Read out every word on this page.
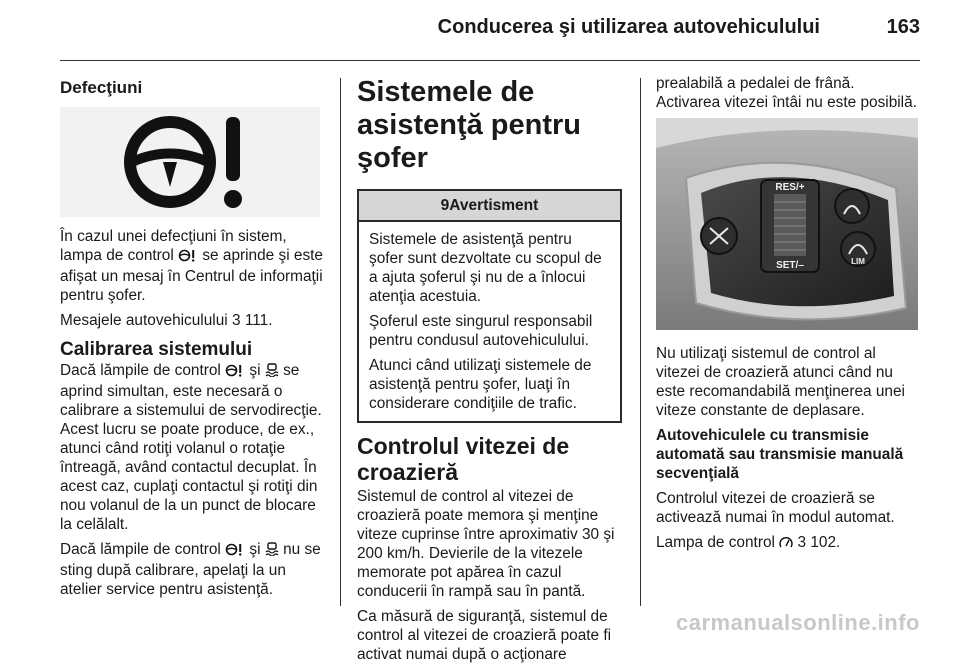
Conducerea şi utilizarea autovehiculului	163
Defecţiuni

În cazul unei defecţiuni în sistem, lampa de control se aprinde şi este afişat un mesaj în Centrul de informaţii pentru şofer.

Mesajele autovehiculului 3 111.

Calibrarea sistemului

Dacă lămpile de control şi se aprind simultan, este necesară o calibrare a sistemului de servodirecţie. Acest lucru se poate produce, de ex., atunci când rotiţi volanul o rotaţie întreagă, având contactul decuplat. În acest caz, cuplaţi contactul şi rotiţi din nou volanul de la un punct de blocare la celălalt.

Dacă lămpile de control şi nu se sting după calibrare, apelaţi la un atelier service pentru asistenţă.

Sistemele de asistenţă pentru şofer
9Avertisment

Sistemele de asistenţă pentru şofer sunt dezvoltate cu scopul de a ajuta şoferul şi nu de a înlocui atenţia acestuia.

Şoferul este singurul responsabil pentru condusul autovehiculului.

Atunci când utilizaţi sistemele de asistenţă pentru şofer, luaţi în considerare condiţiile de trafic.

Controlul vitezei de croazieră

Sistemul de control al vitezei de croazieră poate memora şi menţine viteze cuprinse între aproximativ 30 şi 200 km/h. Devierile de la vitezele memorate pot apărea în cazul conducerii în rampă sau în pantă.

Ca măsură de siguranţă, sistemul de control al vitezei de croazieră poate fi activat numai după o acţionare

prealabilă a pedalei de frână. Activarea vitezei întâi nu este posibilă.

RES/+
SET/–	LIM

Nu utilizaţi sistemul de control al vitezei de croazieră atunci când nu este recomandabilă menţinerea unei viteze constante de deplasare.

Autovehiculele cu transmisie automată sau transmisie manuală secvenţială

Controlul vitezei de croazieră se activează numai în modul automat.

Lampa de control 3 102.

carmanualsonline.info
